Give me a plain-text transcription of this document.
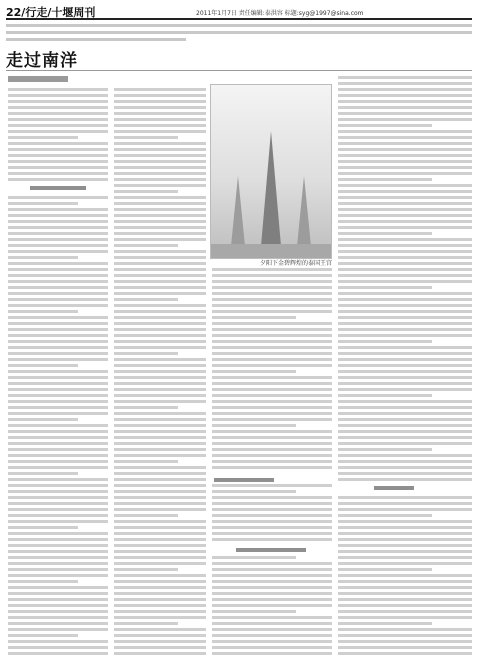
22/行走/十堰周刊	2011年1月7日 责任编辑:泰洪容 标题:syg@1997@sina.com
走过南洋
夕阳下金碧辉煌的泰国王宫
